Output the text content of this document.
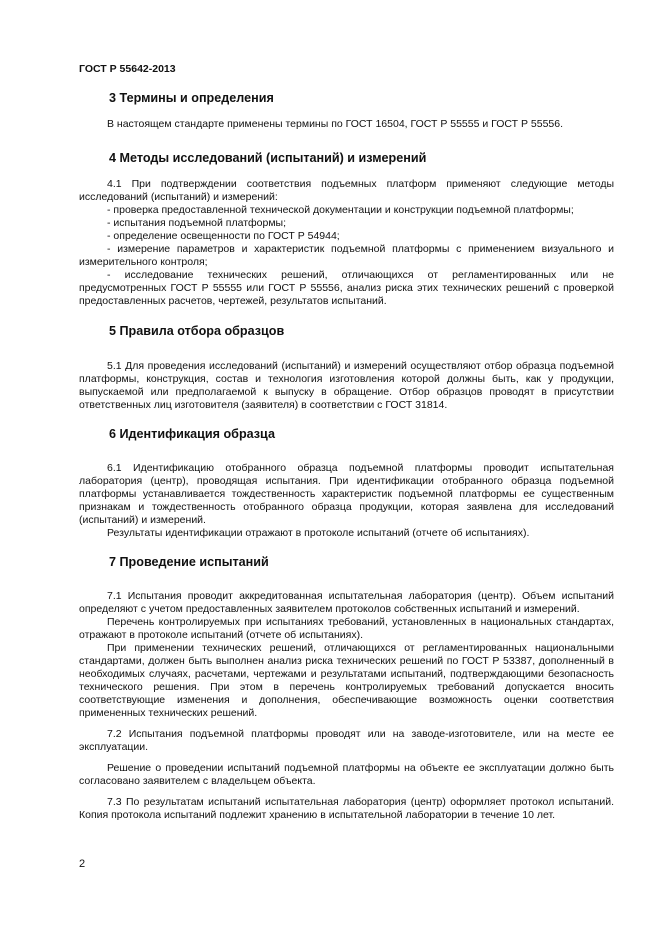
ГОСТ Р 55642-2013
3 Термины и определения

В настоящем стандарте применены термины по ГОСТ 16504, ГОСТ Р 55555 и ГОСТ Р 55556.

4 Методы исследований (испытаний) и измерений

4.1 При подтверждении соответствия подъемных платформ применяют следующие методы исследований (испытаний) и измерений:

- проверка предоставленной технической документации и конструкции подъемной платформы;

- испытания подъемной платформы;

- определение освещенности по ГОСТ Р 54944;

- измерение параметров и характеристик подъемной платформы с применением визуального и измерительного контроля;

- исследование технических решений, отличающихся от регламентированных или не предусмотренных ГОСТ Р 55555 или ГОСТ Р 55556, анализ риска этих технических решений с проверкой предоставленных расчетов, чертежей, результатов испытаний.

5 Правила отбора образцов

5.1 Для проведения исследований (испытаний) и измерений осуществляют отбор образца подъемной платформы, конструкция, состав и технология изготовления которой должны быть, как у продукции, выпускаемой или предполагаемой к выпуску в обращение. Отбор образцов проводят в присутствии ответственных лиц изготовителя (заявителя) в соответствии с ГОСТ 31814.

6 Идентификация образца

6.1 Идентификацию отобранного образца подъемной платформы проводит испытательная лаборатория (центр), проводящая испытания. При идентификации отобранного образца подъемной платформы устанавливается тождественность характеристик подъемной платформы ее существенным признакам и тождественность отобранного образца продукции, которая заявлена для исследований (испытаний) и измерений.

Результаты идентификации отражают в протоколе испытаний (отчете об испытаниях).

7 Проведение испытаний

7.1 Испытания проводит аккредитованная испытательная лаборатория (центр). Объем испытаний определяют с учетом предоставленных заявителем протоколов собственных испытаний и измерений.

Перечень контролируемых при испытаниях требований, установленных в национальных стандартах, отражают в протоколе испытаний (отчете об испытаниях).

При применении технических решений, отличающихся от регламентированных национальными стандартами, должен быть выполнен анализ риска технических решений по ГОСТ Р 53387, дополненный в необходимых случаях, расчетами, чертежами и результатами испытаний, подтверждающими безопасность технического решения. При этом в перечень контролируемых требований допускается вносить соответствующие изменения и дополнения, обеспечивающие возможность оценки соответствия примененных технических решений.

7.2 Испытания подъемной платформы проводят или на заводе-изготовителе, или на месте ее эксплуатации.

Решение о проведении испытаний подъемной платформы на объекте ее эксплуатации должно быть согласовано заявителем с владельцем объекта.

7.3 По результатам испытаний испытательная лаборатория (центр) оформляет протокол испытаний. Копия протокола испытаний подлежит хранению в испытательной лаборатории в течение 10 лет.

2
